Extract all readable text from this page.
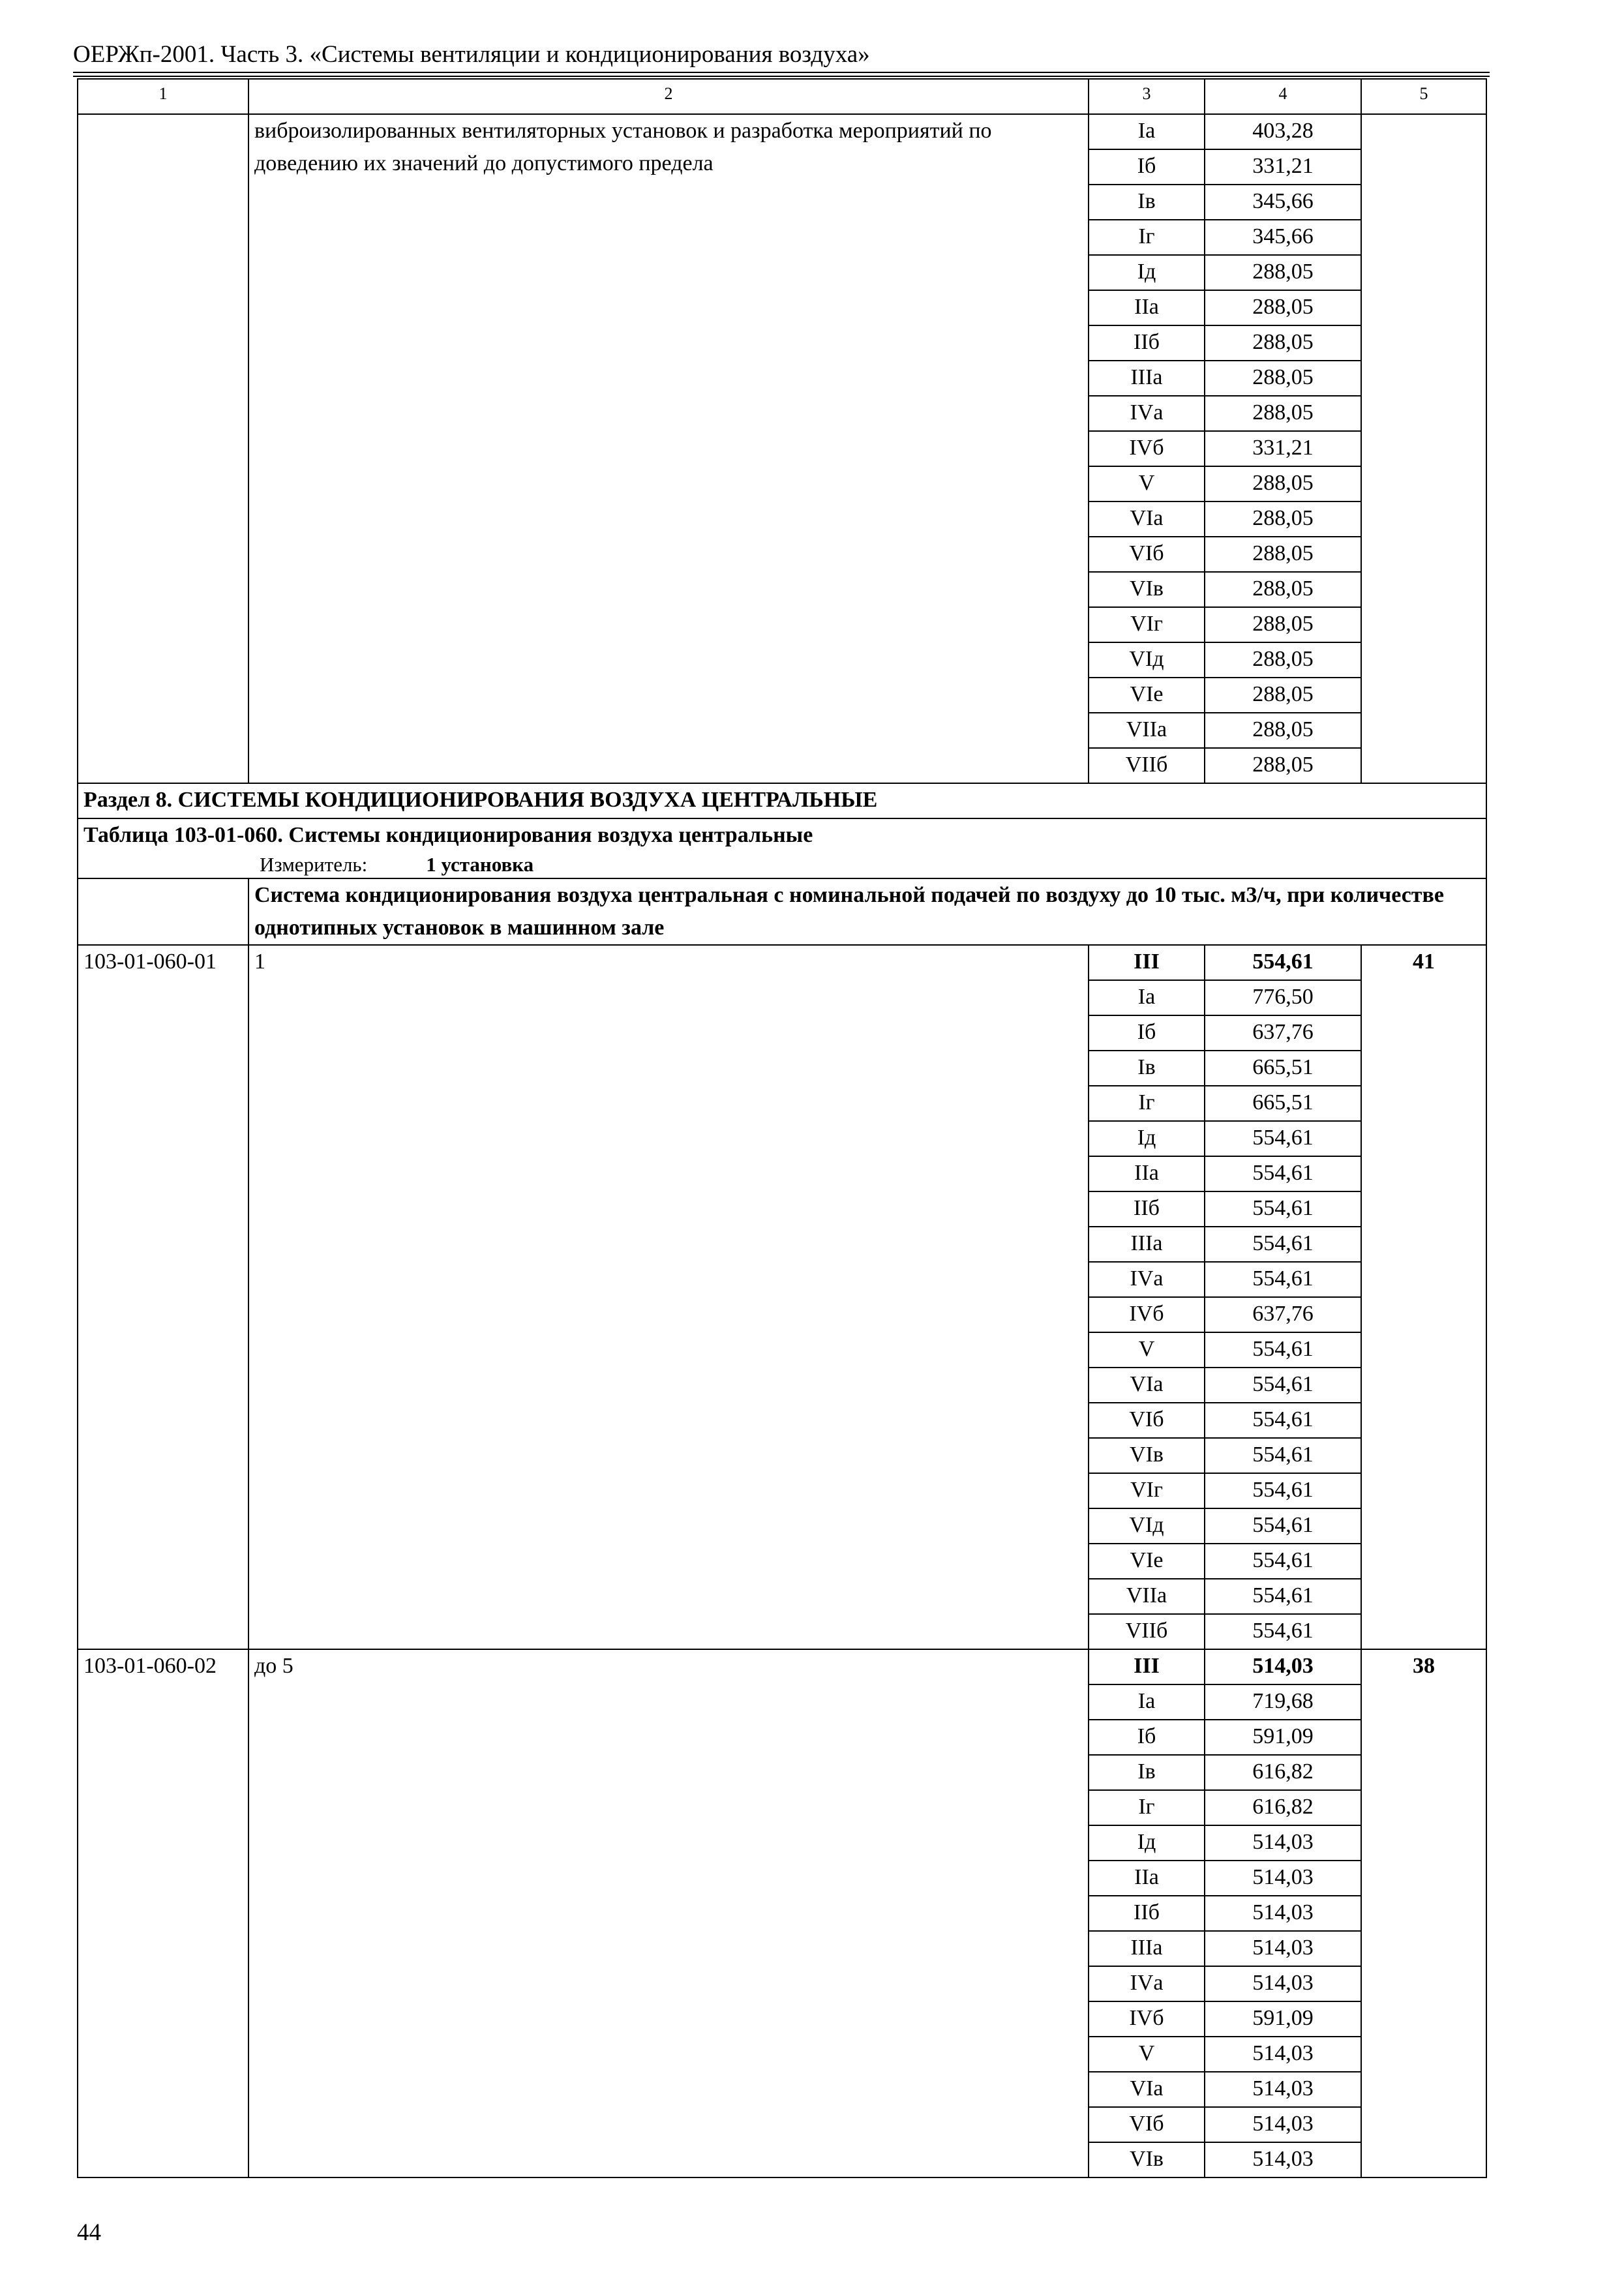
ОЕРЖп-2001. Часть 3. «Системы вентиляции и кондиционирования воздуха»
1	2	3	4	5
	виброизолированных вентиляторных установок и разработка мероприятий по доведению их значений до допустимого предела	Iа	403,28	
		Iб	331,21	
		Iв	345,66	
		Iг	345,66	
		Iд	288,05	
		IIа	288,05	
		IIб	288,05	
		IIIа	288,05	
		IVа	288,05	
		IVб	331,21	
		V	288,05	
		VIа	288,05	
		VIб	288,05	
		VIв	288,05	
		VIг	288,05	
		VIд	288,05	
		VIе	288,05	
		VIIа	288,05	
		VIIб	288,05	
Раздел 8. СИСТЕМЫ КОНДИЦИОНИРОВАНИЯ ВОЗДУХА ЦЕНТРАЛЬНЫЕ				

Таблица 103-01-060. Системы кондиционирования воздуха центральные
Измеритель: 1 установка				

	Система кондиционирования воздуха центральная с номинальной подачей по воздуху до 10 тыс. м3/ч, при количестве однотипных установок в машинном зале			
103-01-060-01	1	III	554,61	41
		Iа	776,50	
		Iб	637,76	
		Iв	665,51	
		Iг	665,51	
		Iд	554,61	
		IIа	554,61	
		IIб	554,61	
		IIIа	554,61	
		IVа	554,61	
		IVб	637,76	
		V	554,61	
		VIа	554,61	
		VIб	554,61	
		VIв	554,61	
		VIг	554,61	
		VIд	554,61	
		VIе	554,61	
		VIIа	554,61	
		VIIб	554,61	
103-01-060-02	до 5	III	514,03	38
		Iа	719,68	
		Iб	591,09	
		Iв	616,82	
		Iг	616,82	
		Iд	514,03	
		IIа	514,03	
		IIб	514,03	
		IIIа	514,03	
		IVа	514,03	
		IVб	591,09	
		V	514,03	
		VIа	514,03	
		VIб	514,03	
		VIв	514,03	
44
